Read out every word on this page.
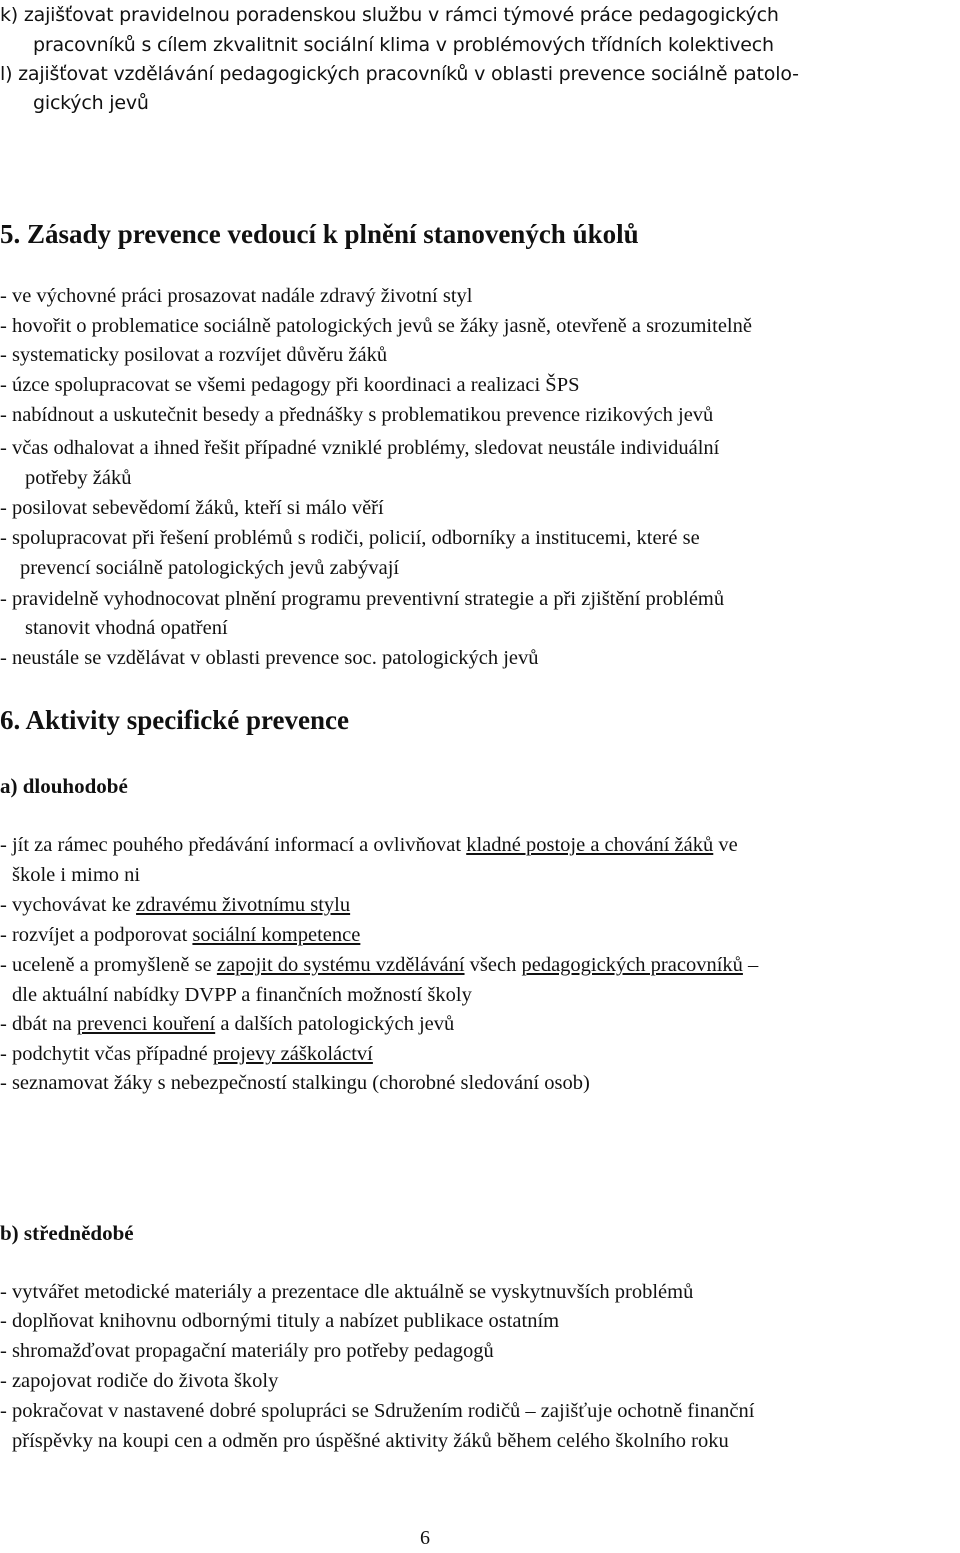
k) zajišťovat pravidelnou poradenskou službu v rámci týmové práce pedagogických
pracovníků s cílem zkvalitnit sociální klima v problémových třídních kolektivech
l) zajišťovat vzdělávání pedagogických pracovníků v oblasti prevence sociálně patolo-
gických jevů
5. Zásady prevence vedoucí k plnění stanovených úkolů
- ve výchovné práci prosazovat nadále zdravý životní styl
- hovořit o problematice sociálně patologických jevů se žáky jasně, otevřeně a srozumitelně
- systematicky posilovat a rozvíjet důvěru žáků
- úzce spolupracovat se všemi pedagogy při koordinaci a realizaci ŠPS
- nabídnout a uskutečnit besedy a přednášky s problematikou prevence rizikových jevů
- včas odhalovat a ihned řešit případné vzniklé problémy, sledovat neustále individuální
potřeby žáků
- posilovat sebevědomí žáků, kteří si málo věří
- spolupracovat při řešení problémů s rodiči, policií, odborníky a institucemi, které se
prevencí sociálně patologických jevů zabývají
- pravidelně vyhodnocovat plnění programu preventivní strategie a při zjištění problémů
stanovit vhodná opatření
- neustále se vzdělávat v oblasti prevence soc. patologických jevů
6. Aktivity specifické prevence
a) dlouhodobé
- jít za rámec pouhého předávání informací a ovlivňovat kladné postoje a chování žáků ve
škole i mimo ni
- vychovávat ke zdravému životnímu stylu
- rozvíjet a podporovat sociální kompetence
- uceleně a promyšleně se zapojit do systému vzdělávání všech pedagogických pracovníků –
dle aktuální nabídky DVPP a finančních možností školy
- dbát na prevenci kouření a dalších patologických jevů
- podchytit včas případné projevy záškoláctví
- seznamovat žáky s nebezpečností stalkingu (chorobné sledování osob)
b) střednědobé
- vytvářet metodické materiály a prezentace dle aktuálně se vyskytnuvších problémů
- doplňovat knihovnu odbornými tituly a nabízet publikace ostatním
- shromažďovat propagační materiály pro potřeby pedagogů
- zapojovat rodiče do života školy
- pokračovat v nastavené dobré spolupráci se Sdružením rodičů – zajišťuje ochotně finanční
příspěvky na koupi cen a odměn pro úspěšné aktivity žáků během celého školního roku
6
